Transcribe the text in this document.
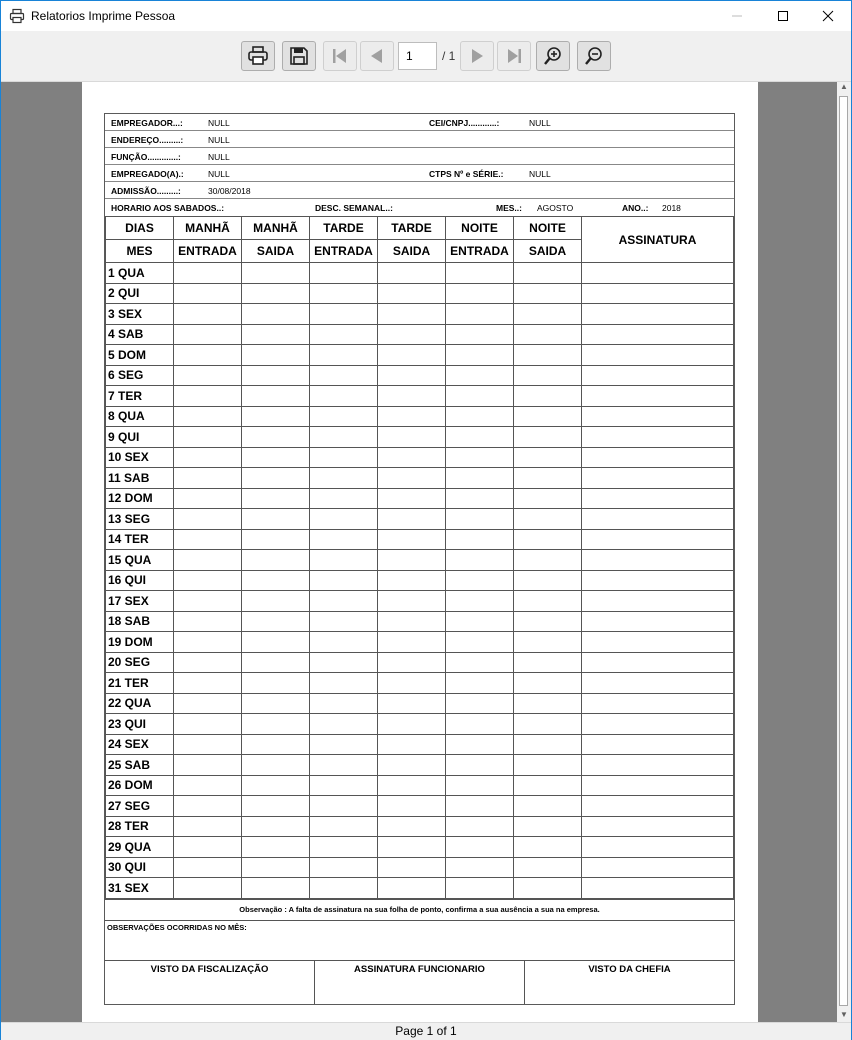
Relatorios Imprime Pessoa
1	/ 1
EMPREGADOR...:	NULL	CEI/CNPJ............:	NULL
ENDEREÇO.........:	NULL
FUNÇÃO.............:	NULL
EMPREGADO(A).:	NULL	CTPS Nº e SÉRIE.:	NULL
ADMISSÃO.........:	30/08/2018
HORARIO AOS SABADOS..:	DESC. SEMANAL..:	MES..: AGOSTO	ANO..: 2018
DIAS	MANHÃ	MANHÃ	TARDE	TARDE	NOITE	NOITE	ASSINATURA
MES	ENTRADA	SAIDA	ENTRADA	SAIDA	ENTRADA	SAIDA	
1 QUA							
2 QUI							
3 SEX							
4 SAB							
5 DOM							
6 SEG							
7 TER							
8 QUA							
9 QUI							
10 SEX							
11 SAB							
12 DOM							
13 SEG							
14 TER							
15 QUA							
16 QUI							
17 SEX							
18 SAB							
19 DOM							
20 SEG							
21 TER							
22 QUA							
23 QUI							
24 SEX							
25 SAB							
26 DOM							
27 SEG							
28 TER							
29 QUA							
30 QUI							
31 SEX							
Observação : A falta de assinatura na sua folha de ponto, confirma a sua ausência a sua na empresa.
OBSERVAÇÕES OCORRIDAS NO MÊS:
VISTO DA FISCALIZAÇÃO	ASSINATURA FUNCIONARIO	VISTO DA CHEFIA
▲
▼
Page 1 of 1
